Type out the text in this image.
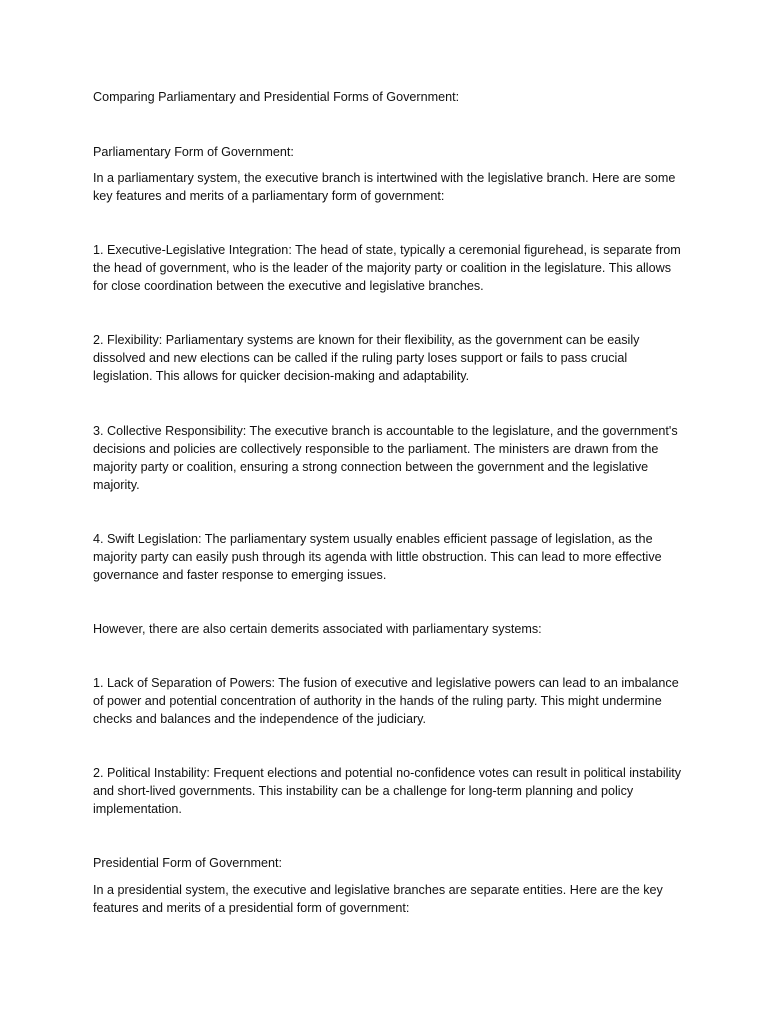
Comparing Parliamentary and Presidential Forms of Government:

Parliamentary Form of Government:

In a parliamentary system, the executive branch is intertwined with the legislative branch. Here are some key features and merits of a parliamentary form of government:

1. Executive-Legislative Integration: The head of state, typically a ceremonial figurehead, is separate from the head of government, who is the leader of the majority party or coalition in the legislature. This allows for close coordination between the executive and legislative branches.

2. Flexibility: Parliamentary systems are known for their flexibility, as the government can be easily dissolved and new elections can be called if the ruling party loses support or fails to pass crucial legislation. This allows for quicker decision-making and adaptability.

3. Collective Responsibility: The executive branch is accountable to the legislature, and the government's decisions and policies are collectively responsible to the parliament. The ministers are drawn from the majority party or coalition, ensuring a strong connection between the government and the legislative majority.

4. Swift Legislation: The parliamentary system usually enables efficient passage of legislation, as the majority party can easily push through its agenda with little obstruction. This can lead to more effective governance and faster response to emerging issues.

However, there are also certain demerits associated with parliamentary systems:

1. Lack of Separation of Powers: The fusion of executive and legislative powers can lead to an imbalance of power and potential concentration of authority in the hands of the ruling party. This might undermine checks and balances and the independence of the judiciary.

2. Political Instability: Frequent elections and potential no-confidence votes can result in political instability and short-lived governments. This instability can be a challenge for long-term planning and policy implementation.

Presidential Form of Government:

In a presidential system, the executive and legislative branches are separate entities. Here are the key features and merits of a presidential form of government:
